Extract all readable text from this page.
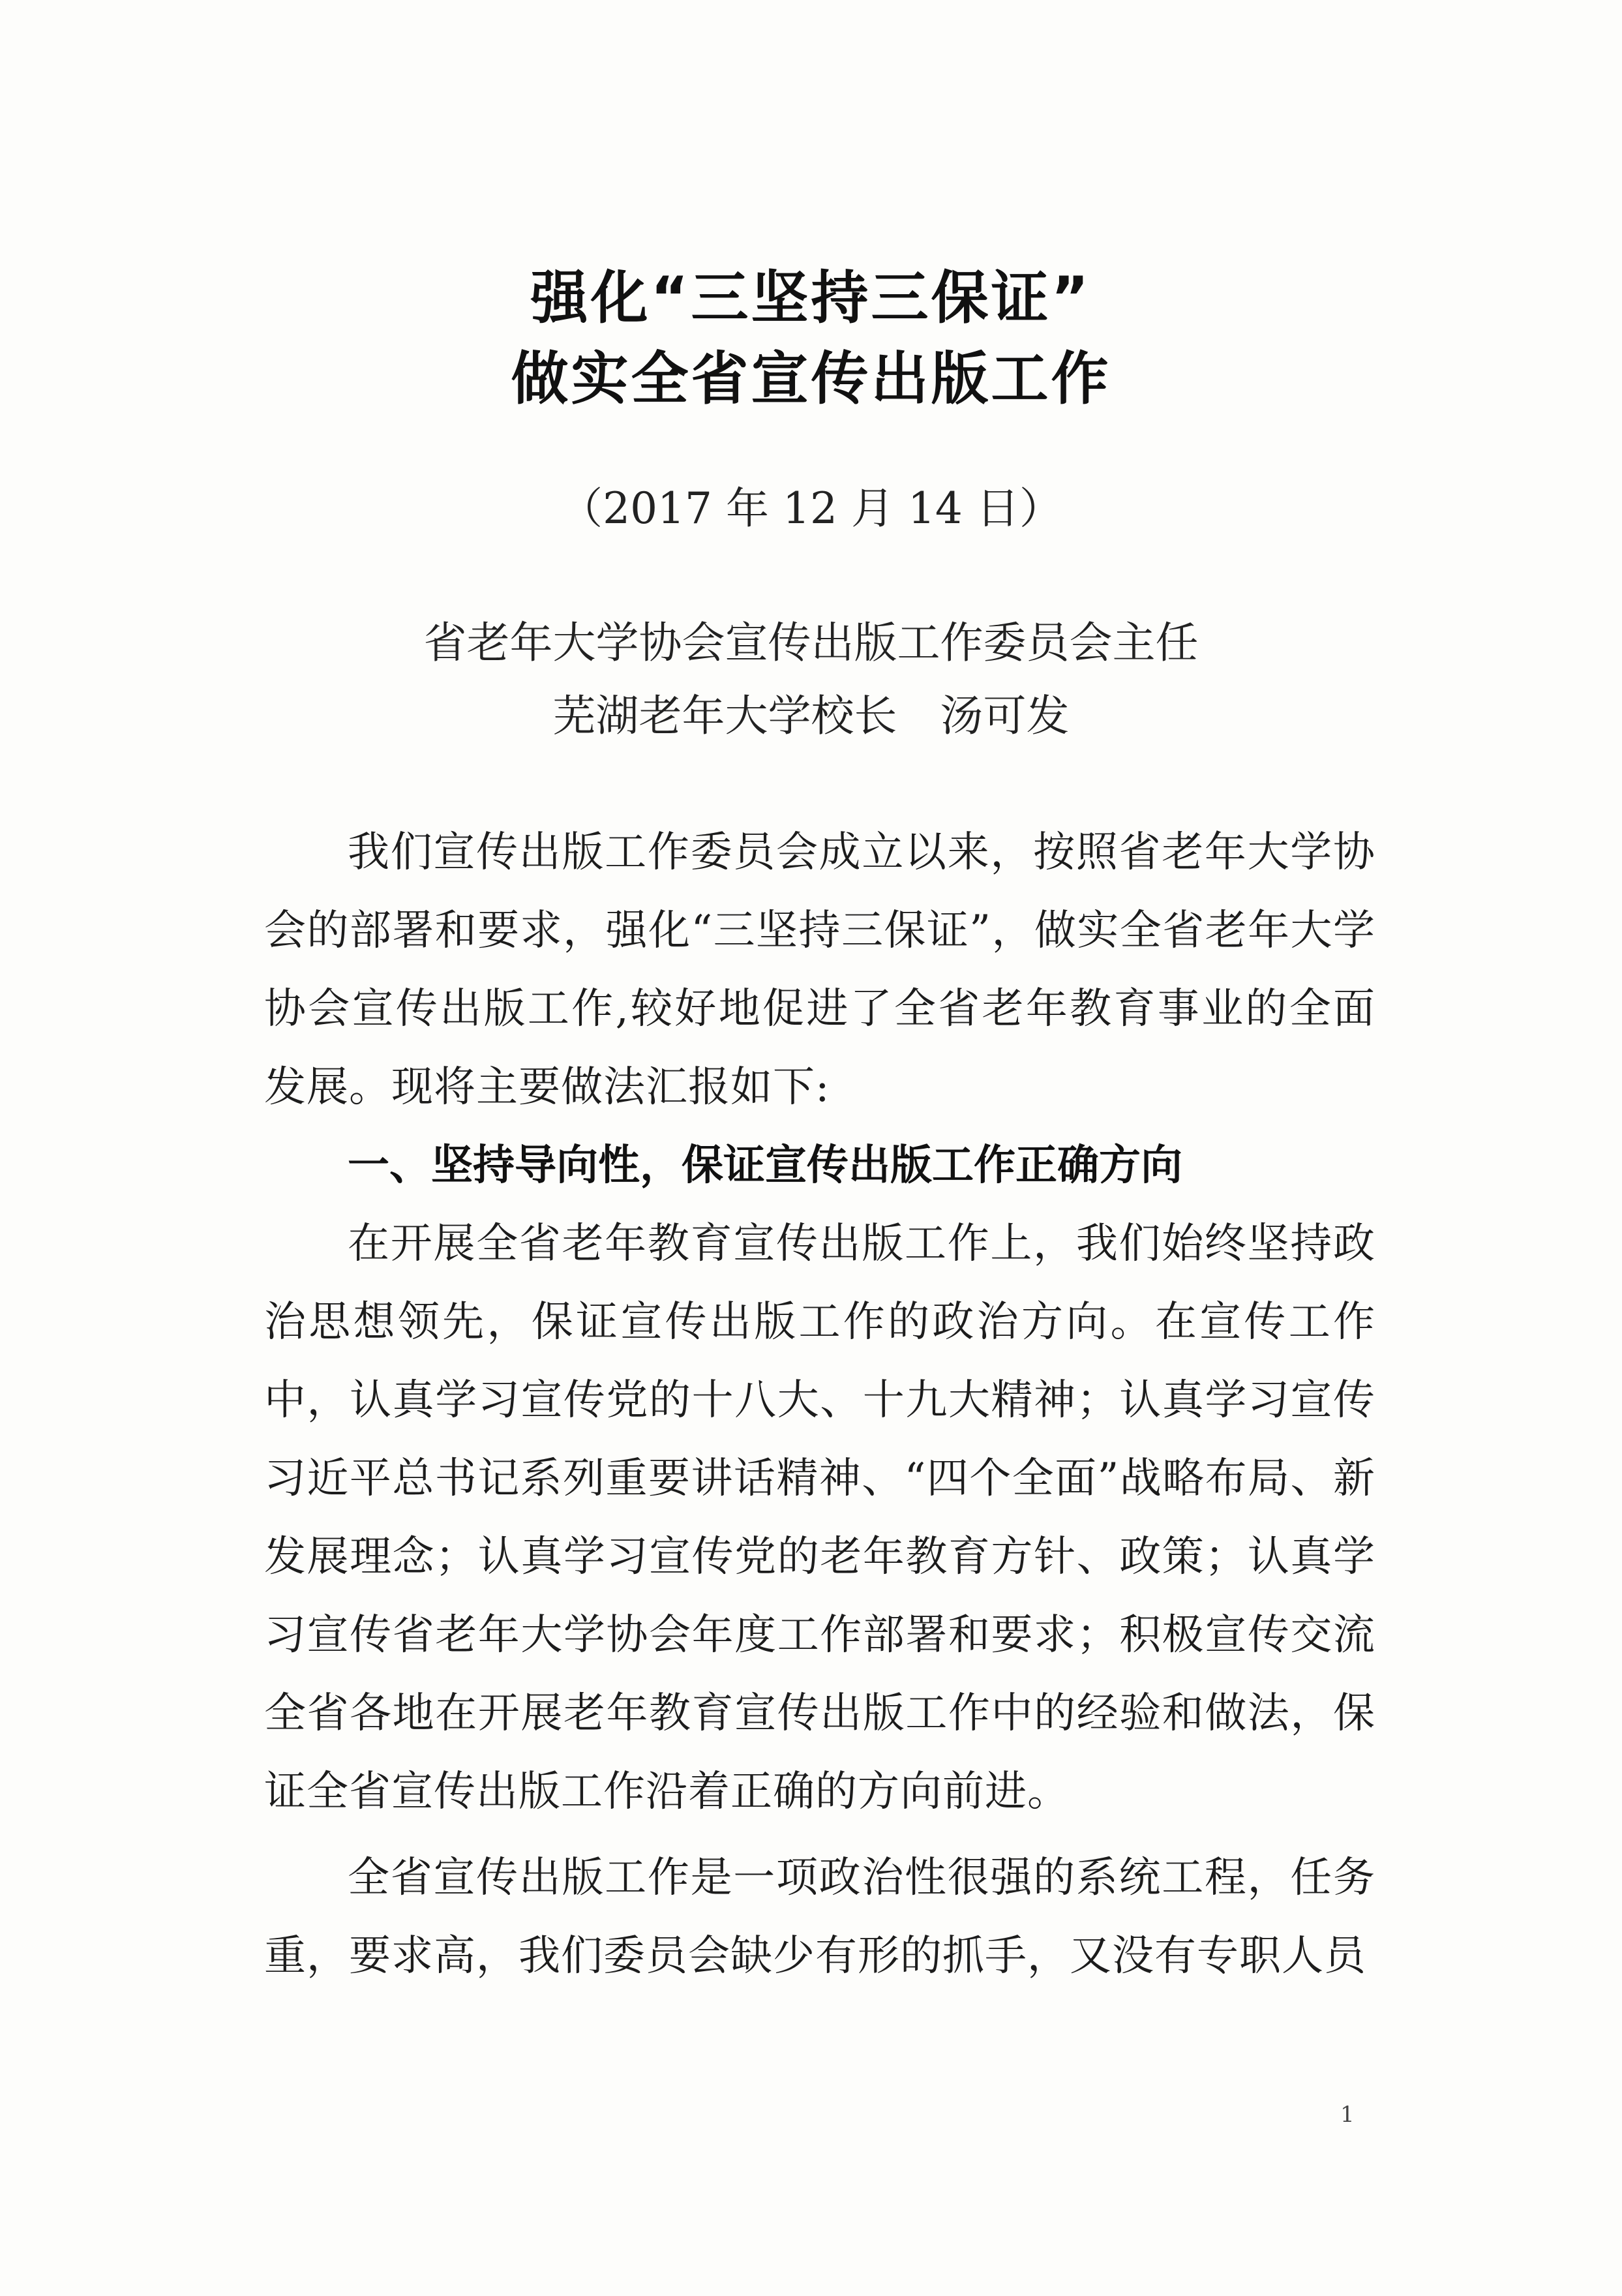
强化“三坚持三保证”
做实全省宣传出版工作
（2017 年 12 月 14 日）
省老年大学协会宣传出版工作委员会主任
芜湖老年大学校长 汤可发

我们宣传出版工作委员会成立以来，按照省老年大学协会的部署和要求，强化“三坚持三保证”，做实全省老年大学协会宣传出版工作,较好地促进了全省老年教育事业的全面发展。现将主要做法汇报如下:

一、坚持导向性，保证宣传出版工作正确方向

在开展全省老年教育宣传出版工作上，我们始终坚持政治思想领先，保证宣传出版工作的政治方向。在宣传工作中，认真学习宣传党的十八大、十九大精神；认真学习宣传习近平总书记系列重要讲话精神、“四个全面”战略布局、新发展理念；认真学习宣传党的老年教育方针、政策；认真学习宣传省老年大学协会年度工作部署和要求；积极宣传交流全省各地在开展老年教育宣传出版工作中的经验和做法，保证全省宣传出版工作沿着正确的方向前进。

全省宣传出版工作是一项政治性很强的系统工程，任务重，要求高，我们委员会缺少有形的抓手，又没有专职人员

1
